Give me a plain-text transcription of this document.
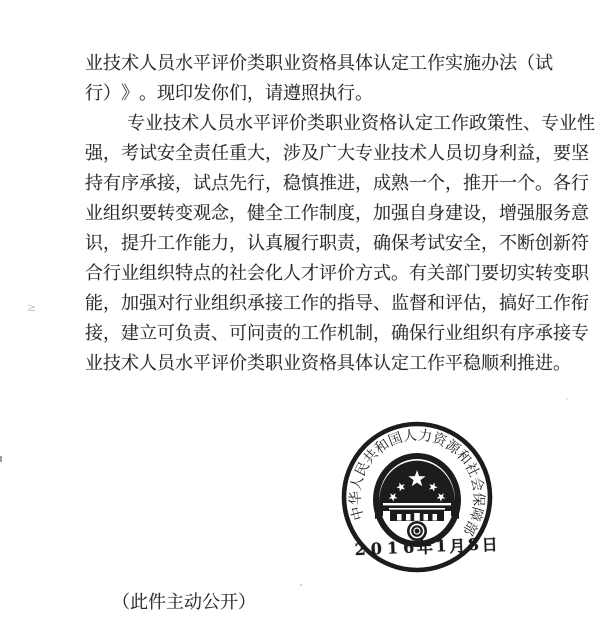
业 技 术 人 员 水 平 评 价 类 职 业 资 格 具 体 认 定 工 作 实 施 办 法 （ 试
行 ） 》 。 现 印 发 你 们 ， 请 遵 照 执 行 。
专 业 技 术 人 员 水 平 评 价 类 职 业 资 格 认 定 工 作 政 策 性 、 专 业 性
强 ， 考 试 安 全 责 任 重 大 ， 涉 及 广 大 专 业 技 术 人 员 切 身 利 益 ， 要 坚
持 有 序 承 接 ， 试 点 先 行 ， 稳 慎 推 进 ， 成 熟 一 个 ， 推 开 一 个 。 各 行
业 组 织 要 转 变 观 念 ， 健 全 工 作 制 度 ， 加 强 自 身 建 设 ， 增 强 服 务 意
识 ， 提 升 工 作 能 力 ， 认 真 履 行 职 责 ， 确 保 考 试 安 全 ， 不 断 创 新 符
合 行 业 组 织 特 点 的 社 会 化 人 才 评 价 方 式 。 有 关 部 门 要 切 实 转 变 职
能 ， 加 强 对 行 业 组 织 承 接 工 作 的 指 导 、 监 督 和 评 估 ， 搞 好 工 作 衔
接 ， 建 立 可 负 责 、 可 问 责 的 工 作 机 制 ， 确 保 行 业 组 织 有 序 承 接 专
业 技 术 人 员 水 平 评 价 类 职 业 资 格 具 体 认 定 工 作 平 稳 顺 利 推 进 。
中华人民共和国人力资源和社会保障部
2 0 1 6 年 1 月 8 日
（ 此 件 主 动 公 开 ）
≥
